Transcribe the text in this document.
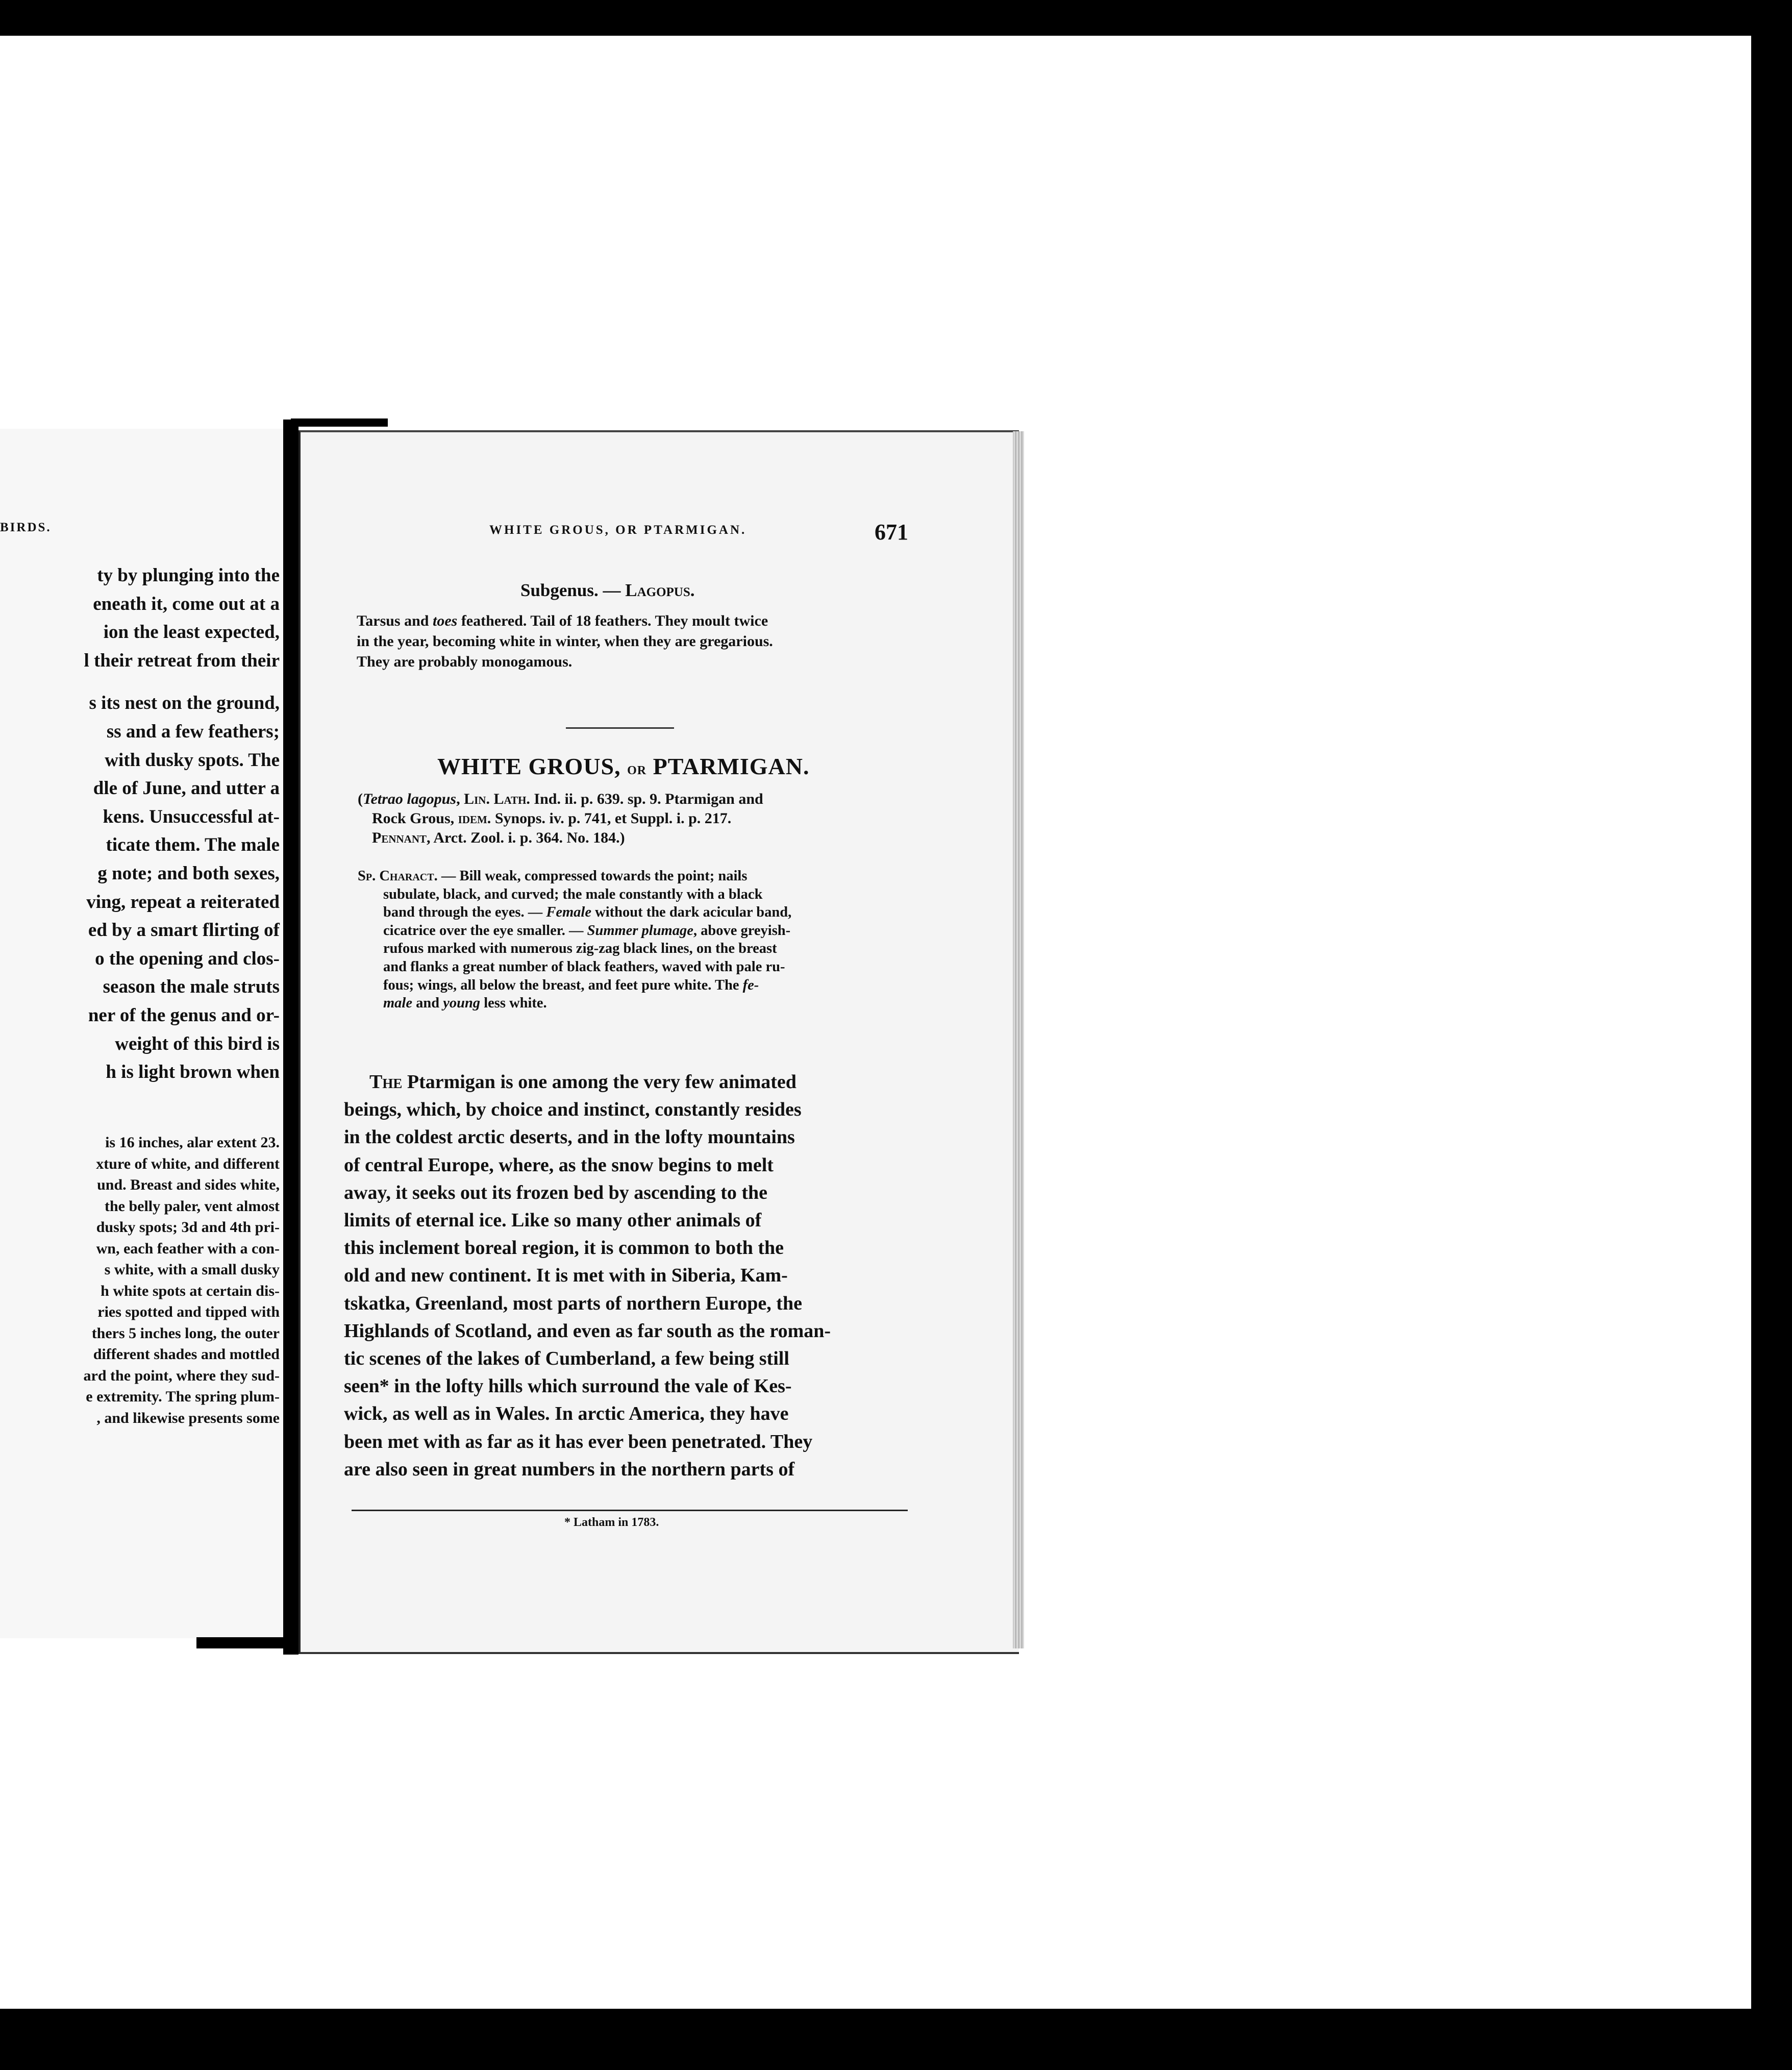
BIRDS.
ty by plunging into the
eneath it, come out at a
ion the least expected,
l their retreat from their
s its nest on the ground,
ss and a few feathers;
with dusky spots. The
dle of June, and utter a
kens. Unsuccessful at-
ticate them. The male
g note; and both sexes,
ving, repeat a reiterated
ed by a smart flirting of
o the opening and clos-
season the male struts
ner of the genus and or-
weight of this bird is
h is light brown when
is 16 inches, alar extent 23.
xture of white, and different
und. Breast and sides white,
the belly paler, vent almost
dusky spots; 3d and 4th pri-
wn, each feather with a con-
s white, with a small dusky
h white spots at certain dis-
ries spotted and tipped with
thers 5 inches long, the outer
different shades and mottled
ard the point, where they sud-
e extremity. The spring plum-
, and likewise presents some
WHITE GROUS, OR PTARMIGAN.	671
Subgenus. — Lagopus.
Tarsus and toes feathered. Tail of 18 feathers. They moult twice
in the year, becoming white in winter, when they are gregarious.
They are probably monogamous.
WHITE GROUS, or PTARMIGAN.
(Tetrao lagopus, Lin. Lath. Ind. ii. p. 639. sp. 9. Ptarmigan and
Rock Grous, idem. Synops. iv. p. 741, et Suppl. i. p. 217.
Pennant, Arct. Zool. i. p. 364. No. 184.)
Sp. Charact. — Bill weak, compressed towards the point; nails
subulate, black, and curved; the male constantly with a black
band through the eyes. — Female without the dark acicular band,
cicatrice over the eye smaller. — Summer plumage, above greyish-
rufous marked with numerous zig-zag black lines, on the breast
and flanks a great number of black feathers, waved with pale ru-
fous; wings, all below the breast, and feet pure white. The fe-
male and young less white.
The Ptarmigan is one among the very few animated
beings, which, by choice and instinct, constantly resides
in the coldest arctic deserts, and in the lofty mountains
of central Europe, where, as the snow begins to melt
away, it seeks out its frozen bed by ascending to the
limits of eternal ice. Like so many other animals of
this inclement boreal region, it is common to both the
old and new continent. It is met with in Siberia, Kam-
tskatka, Greenland, most parts of northern Europe, the
Highlands of Scotland, and even as far south as the roman-
tic scenes of the lakes of Cumberland, a few being still
seen* in the lofty hills which surround the vale of Kes-
wick, as well as in Wales. In arctic America, they have
been met with as far as it has ever been penetrated. They
are also seen in great numbers in the northern parts of
* Latham in 1783.
